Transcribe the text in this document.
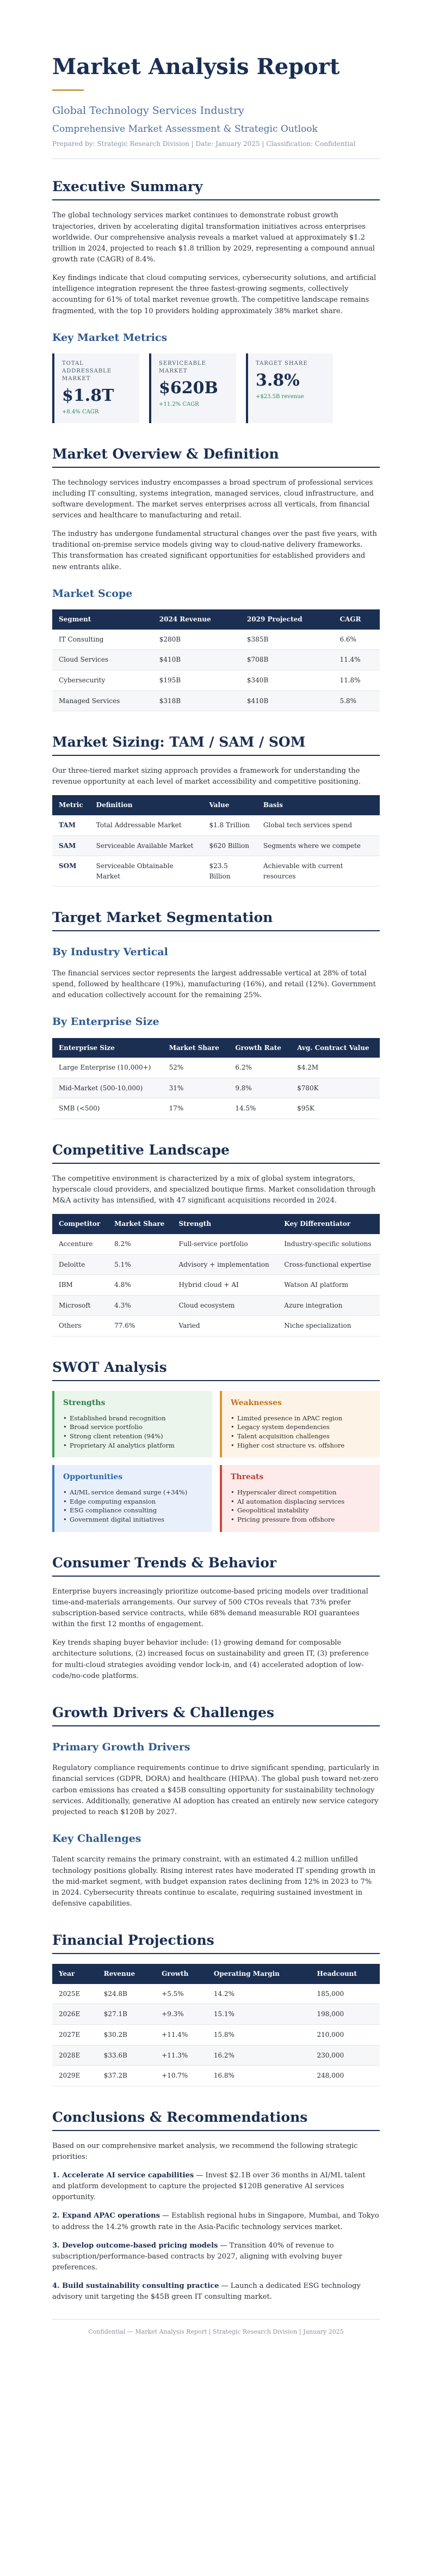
Market Analysis Report
Global Technology Services Industry
Comprehensive Market Assessment & Strategic Outlook
Prepared by: Strategic Research Division | Date: January 2025 | Classification: Confidential
Executive Summary

The global technology services market continues to demonstrate robust growth trajectories, driven by accelerating digital transformation initiatives across enterprises worldwide. Our comprehensive analysis reveals a market valued at approximately $1.2 trillion in 2024, projected to reach $1.8 trillion by 2029, representing a compound annual growth rate (CAGR) of 8.4%.

Key findings indicate that cloud computing services, cybersecurity solutions, and artificial intelligence integration represent the three fastest-growing segments, collectively accounting for 61% of total market revenue growth. The competitive landscape remains fragmented, with the top 10 providers holding approximately 38% market share.

Key Market Metrics
TOTAL ADDRESSABLE MARKET
$1.8T
+8.4% CAGR
SERVICEABLE MARKET
$620B
+11.2% CAGR
TARGET SHARE
3.8%
+$23.5B revenue
Market Overview & Definition

The technology services industry encompasses a broad spectrum of professional services including IT consulting, systems integration, managed services, cloud infrastructure, and software development. The market serves enterprises across all verticals, from financial services and healthcare to manufacturing and retail.

The industry has undergone fundamental structural changes over the past five years, with traditional on-premise service models giving way to cloud-native delivery frameworks. This transformation has created significant opportunities for established providers and new entrants alike.

Market Scope
Segment	2024 Revenue	2029 Projected	CAGR
IT Consulting	$280B	$385B	6.6%
Cloud Services	$410B	$708B	11.4%
Cybersecurity	$195B	$340B	11.8%
Managed Services	$318B	$410B	5.8%
Market Sizing: TAM / SAM / SOM

Our three-tiered market sizing approach provides a framework for understanding the revenue opportunity at each level of market accessibility and competitive positioning.

Metric	Definition	Value	Basis
TAM	Total Addressable Market	$1.8 Trillion	Global tech services spend
SAM	Serviceable Available Market	$620 Billion	Segments where we compete
SOM	Serviceable Obtainable Market	$23.5 Billion	Achievable with current resources
Target Market Segmentation
By Industry Vertical

The financial services sector represents the largest addressable vertical at 28% of total spend, followed by healthcare (19%), manufacturing (16%), and retail (12%). Government and education collectively account for the remaining 25%.

By Enterprise Size
Enterprise Size	Market Share	Growth Rate	Avg. Contract Value
Large Enterprise (10,000+)	52%	6.2%	$4.2M
Mid-Market (500-10,000)	31%	9.8%	$780K
SMB (<500)	17%	14.5%	$95K
Competitive Landscape

The competitive environment is characterized by a mix of global system integrators, hyperscale cloud providers, and specialized boutique firms. Market consolidation through M&A activity has intensified, with 47 significant acquisitions recorded in 2024.

Competitor	Market Share	Strength	Key Differentiator
Accenture	8.2%	Full-service portfolio	Industry-specific solutions
Deloitte	5.1%	Advisory + implementation	Cross-functional expertise
IBM	4.8%	Hybrid cloud + AI	Watson AI platform
Microsoft	4.3%	Cloud ecosystem	Azure integration
Others	77.6%	Varied	Niche specialization
SWOT Analysis
Strengths
• Established brand recognition
• Broad service portfolio
• Strong client retention (94%)
• Proprietary AI analytics platform
Weaknesses
• Limited presence in APAC region
• Legacy system dependencies
• Talent acquisition challenges
• Higher cost structure vs. offshore
Opportunities
• AI/ML service demand surge (+34%)
• Edge computing expansion
• ESG compliance consulting
• Government digital initiatives
Threats
• Hyperscaler direct competition
• AI automation displacing services
• Geopolitical instability
• Pricing pressure from offshore
Consumer Trends & Behavior

Enterprise buyers increasingly prioritize outcome-based pricing models over traditional time-and-materials arrangements. Our survey of 500 CTOs reveals that 73% prefer subscription-based service contracts, while 68% demand measurable ROI guarantees within the first 12 months of engagement.

Key trends shaping buyer behavior include: (1) growing demand for composable architecture solutions, (2) increased focus on sustainability and green IT, (3) preference for multi-cloud strategies avoiding vendor lock-in, and (4) accelerated adoption of low-code/no-code platforms.

Growth Drivers & Challenges
Primary Growth Drivers

Regulatory compliance requirements continue to drive significant spending, particularly in financial services (GDPR, DORA) and healthcare (HIPAA). The global push toward net-zero carbon emissions has created a $45B consulting opportunity for sustainability technology services. Additionally, generative AI adoption has created an entirely new service category projected to reach $120B by 2027.

Key Challenges

Talent scarcity remains the primary constraint, with an estimated 4.2 million unfilled technology positions globally. Rising interest rates have moderated IT spending growth in the mid-market segment, with budget expansion rates declining from 12% in 2023 to 7% in 2024. Cybersecurity threats continue to escalate, requiring sustained investment in defensive capabilities.

Financial Projections
Year	Revenue	Growth	Operating Margin	Headcount
2025E	$24.8B	+5.5%	14.2%	185,000
2026E	$27.1B	+9.3%	15.1%	198,000
2027E	$30.2B	+11.4%	15.8%	210,000
2028E	$33.6B	+11.3%	16.2%	230,000
2029E	$37.2B	+10.7%	16.8%	248,000
Conclusions & Recommendations

Based on our comprehensive market analysis, we recommend the following strategic priorities:

1. Accelerate AI service capabilities — Invest $2.1B over 36 months in AI/ML talent and platform development to capture the projected $120B generative AI services opportunity.

2. Expand APAC operations — Establish regional hubs in Singapore, Mumbai, and Tokyo to address the 14.2% growth rate in the Asia-Pacific technology services market.

3. Develop outcome-based pricing models — Transition 40% of revenue to subscription/performance-based contracts by 2027, aligning with evolving buyer preferences.

4. Build sustainability consulting practice — Launch a dedicated ESG technology advisory unit targeting the $45B green IT consulting market.

Confidential — Market Analysis Report | Strategic Research Division | January 2025
